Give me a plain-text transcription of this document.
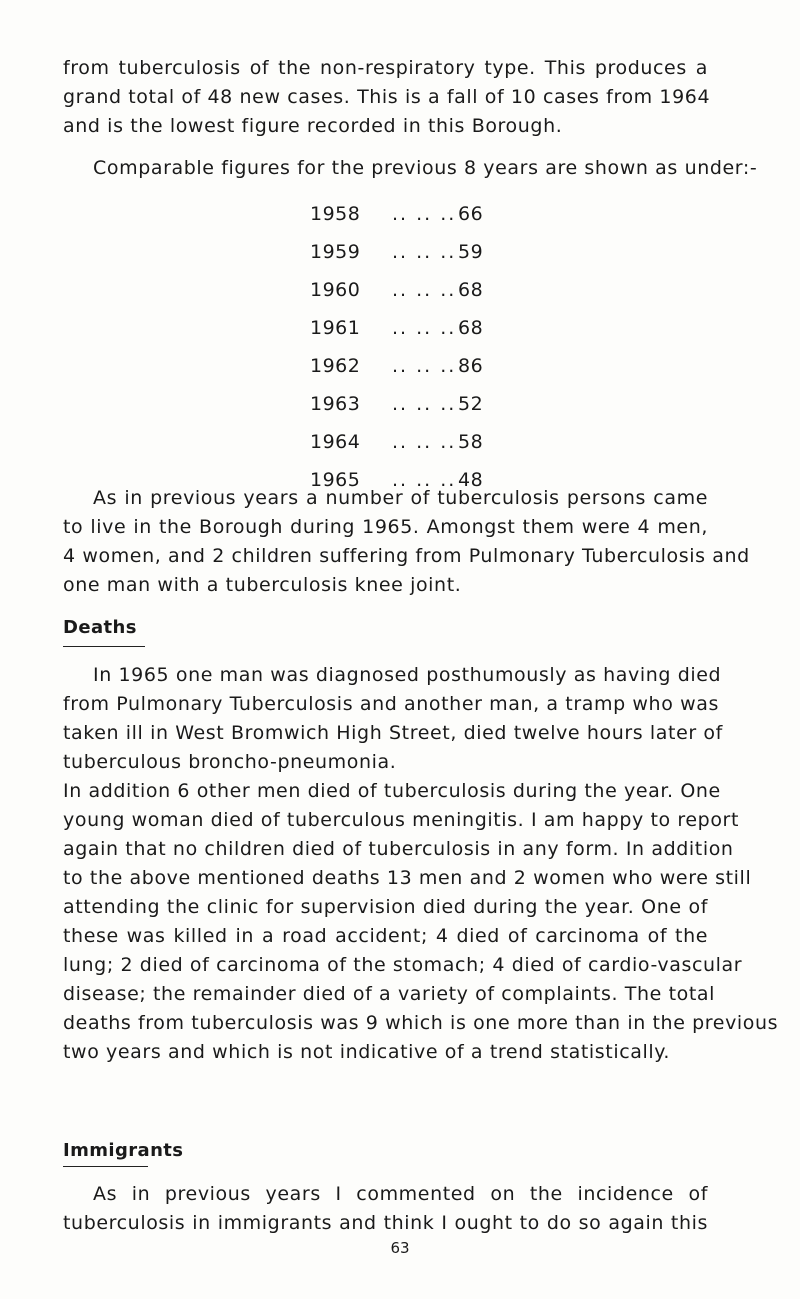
from tuberculosis of the non-respiratory type. This produces a
grand total of 48 new cases. This is a fall of 10 cases from 1964
and is the lowest figure recorded in this Borough.
Comparable figures for the previous 8 years are shown as under:-
1958 .. .. .. 66
1959 .. .. .. 59
1960 .. .. .. 68
1961 .. .. .. 68
1962 .. .. .. 86
1963 .. .. .. 52
1964 .. .. .. 58
1965 .. .. .. 48
As in previous years a number of tuberculosis persons came
to live in the Borough during 1965. Amongst them were 4 men,
4 women, and 2 children suffering from Pulmonary Tuberculosis and
one man with a tuberculosis knee joint.
Deaths
In 1965 one man was diagnosed posthumously as having died
from Pulmonary Tuberculosis and another man, a tramp who was
taken ill in West Bromwich High Street, died twelve hours later of
tuberculous broncho-pneumonia.
In addition 6 other men died of tuberculosis during the year. One
young woman died of tuberculous meningitis. I am happy to report
again that no children died of tuberculosis in any form. In addition
to the above mentioned deaths 13 men and 2 women who were still
attending the clinic for supervision died during the year. One of
these was killed in a road accident; 4 died of carcinoma of the
lung; 2 died of carcinoma of the stomach; 4 died of cardio-vascular
disease; the remainder died of a variety of complaints. The total
deaths from tuberculosis was 9 which is one more than in the previous
two years and which is not indicative of a trend statistically.
Immigrants
As in previous years I commented on the incidence of
tuberculosis in immigrants and think I ought to do so again this
63
